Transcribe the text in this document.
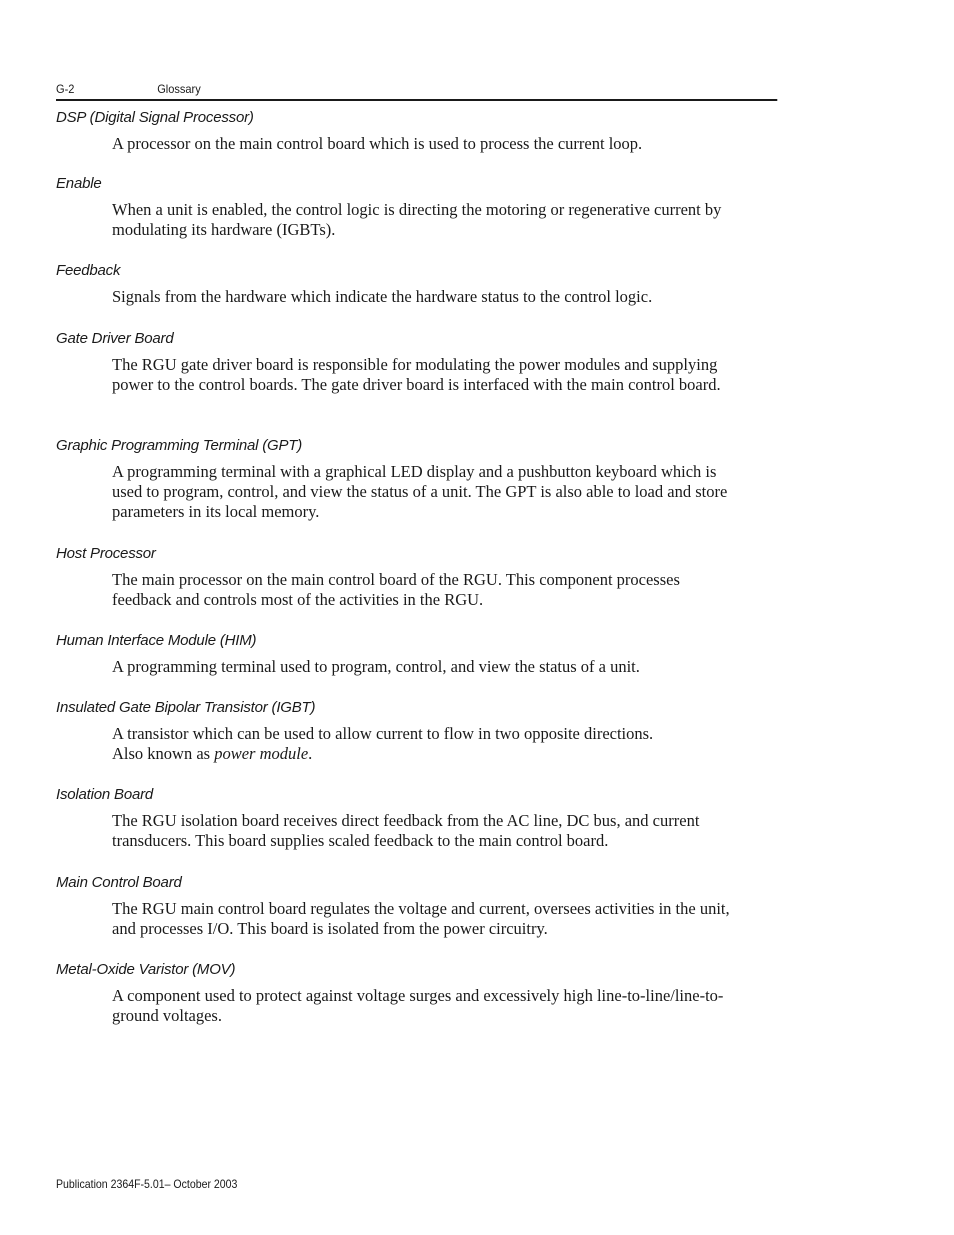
G-2	Glossary

DSP (Digital Signal Processor)

A processor on the main control board which is used to process the current loop.

Enable

When a unit is enabled, the control logic is directing the motoring or regenerative current by modulating its hardware (IGBTs).

Feedback

Signals from the hardware which indicate the hardware status to the control logic.

Gate Driver Board

The RGU gate driver board is responsible for modulating the power modules and supplying power to the control boards. The gate driver board is interfaced with the main control board.

Graphic Programming Terminal (GPT)

A programming terminal with a graphical LED display and a pushbutton keyboard which is used to program, control, and view the status of a unit. The GPT is also able to load and store parameters in its local memory.

Host Processor

The main processor on the main control board of the RGU. This component processes feedback and controls most of the activities in the RGU.

Human Interface Module (HIM)

A programming terminal used to program, control, and view the status of a unit.

Insulated Gate Bipolar Transistor (IGBT)

A transistor which can be used to allow current to flow in two opposite directions.
Also known as power module.

Isolation Board

The RGU isolation board receives direct feedback from the AC line, DC bus, and current transducers. This board supplies scaled feedback to the main control board.

Main Control Board

The RGU main control board regulates the voltage and current, oversees activities in the unit, and processes I/O. This board is isolated from the power circuitry.

Metal-Oxide Varistor (MOV)

A component used to protect against voltage surges and excessively high line-to-line/line-to-ground voltages.

Publication 2364F-5.01– October 2003
